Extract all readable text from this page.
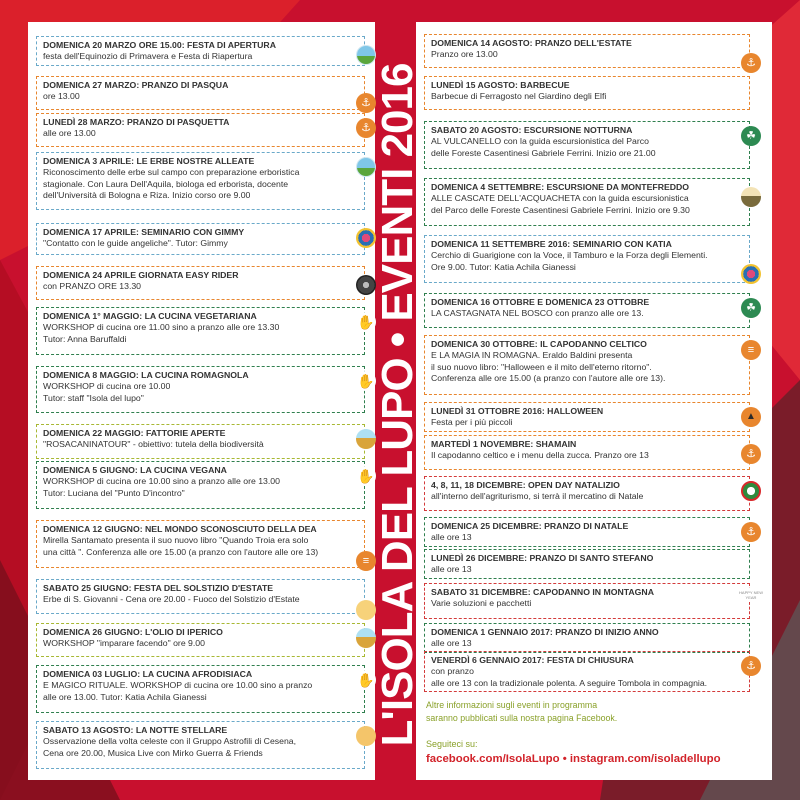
L'ISOLA DEL LUPO • EVENTI 2016
DOMENICA 20 MARZO ORE 15.00: FESTA DI APERTURA
festa dell'Equinozio di Primavera e Festa di Riapertura
DOMENICA 27 MARZO: PRANZO DI PASQUA
ore 13.00
⚓
LUNEDÌ 28 MARZO: PRANZO DI PASQUETTA
alle ore 13.00	⚓
DOMENICA 3 APRILE: LE ERBE NOSTRE ALLEATE
Riconoscimento delle erbe sul campo con preparazione erboristica
stagionale. Con Laura Dell'Aquila, biologa ed erborista, docente
dell'Università di Bologna e Riza. Inizio corso ore 9.00
DOMENICA 17 APRILE: SEMINARIO CON GIMMY
"Contatto con le guide angeliche". Tutor: Gimmy
DOMENICA 24 APRILE GIORNATA EASY RIDER
con PRANZO ORE 13.30
DOMENICA 1° MAGGIO: LA CUCINA VEGETARIANA
WORKSHOP di cucina ore 11.00 sino a pranzo alle ore 13.30
Tutor: Anna Baruffaldi
✋
DOMENICA 8 MAGGIO: LA CUCINA ROMAGNOLA
WORKSHOP di cucina ore 10.00
Tutor: staff "Isola del lupo"
✋
DOMENICA 22 MAGGIO: FATTORIE APERTE
"ROSACANINATOUR" - obiettivo: tutela della biodiversità
DOMENICA 5 GIUGNO: LA CUCINA VEGANA
WORKSHOP di cucina ore 10.00 sino a pranzo alle ore 13.00
Tutor: Luciana del "Punto D'incontro"
✋
DOMENICA 12 GIUGNO: NEL MONDO SCONOSCIUTO DELLA DEA
Mirella Santamato presenta il suo nuovo libro "Quando Troia era solo
una città ". Conferenza alle ore 15.00 (a pranzo con l'autore alle ore 13)
≡
SABATO 25 GIUGNO: FESTA DEL SOLSTIZIO D'ESTATE
Erbe di S. Giovanni - Cena ore 20.00 - Fuoco del Solstizio d'Estate
DOMENICA 26 GIUGNO: L'OLIO DI IPERICO
WORKSHOP "imparare facendo" ore 9.00
DOMENICA 03 LUGLIO: LA CUCINA AFRODISIACA
E MAGICO RITUALE. WORKSHOP di cucina ore 10.00 sino a pranzo
alle ore 13.00. Tutor: Katia Achila Gianessi
✋
SABATO 13 AGOSTO: LA NOTTE STELLARE
Osservazione della volta celeste con il Gruppo Astrofili di Cesena,
Cena ore 20.00, Musica Live con Mirko Guerra & Friends
DOMENICA 14 AGOSTO: PRANZO DELL'ESTATE
Pranzo ore 13.00
⚓
LUNEDÌ 15 AGOSTO: BARBECUE
Barbecue di Ferragosto nel Giardino degli Elfi
SABATO 20 AGOSTO: ESCURSIONE NOTTURNA
AL VULCANELLO con la guida escursionistica del Parco
delle Foreste Casentinesi Gabriele Ferrini. Inizio ore 21.00
☘
DOMENICA 4 SETTEMBRE: ESCURSIONE DA MONTEFREDDO
ALLE CASCATE DELL'ACQUACHETA con la guida escursionistica
del Parco delle Foreste Casentinesi Gabriele Ferrini. Inizio ore 9.30
DOMENICA 11 SETTEMBRE 2016: SEMINARIO CON KATIA
Cerchio di Guarigione con la Voce, il Tamburo e la Forza degli Elementi.
Ore 9.00. Tutor: Katia Achila Gianessi
DOMENICA 16 OTTOBRE E DOMENICA 23 OTTOBRE
LA CASTAGNATA NEL BOSCO con pranzo alle ore 13.	☘
DOMENICA 30 OTTOBRE: IL CAPODANNO CELTICO
E LA MAGIA IN ROMAGNA. Eraldo Baldini presenta
il suo nuovo libro: "Halloween e il mito dell'eterno ritorno".
Conferenza alle ore 15.00 (a pranzo con l'autore alle ore 13).
≡
LUNEDÌ 31 OTTOBRE 2016: HALLOWEEN
Festa per i più piccoli
▲
MARTEDÌ 1 NOVEMBRE: SHAMAIN
Il capodanno celtico e i menu della zucca. Pranzo ore 13	⚓
4, 8, 11, 18 DICEMBRE: OPEN DAY NATALIZIO
all'interno dell'agriturismo, si terrà il mercatino di Natale
DOMENICA 25 DICEMBRE: PRANZO DI NATALE
alle ore 13	⚓
LUNEDÌ 26 DICEMBRE: PRANZO DI SANTO STEFANO
alle ore 13
SABATO 31 DICEMBRE: CAPODANNO IN MONTAGNA
Varie soluzioni e pacchetti
HAPPY NEW YEAR
DOMENICA 1 GENNAIO 2017: PRANZO DI INIZIO ANNO
alle ore 13
VENERDÌ 6 GENNAIO 2017: FESTA DI CHIUSURA
con pranzo
alle ore 13 con la tradizionale polenta. A seguire Tombola in compagnia.
⚓
Altre informazioni sugli eventi in programma
saranno pubblicati sulla nostra pagina Facebook.
Seguiteci su:
facebook.com/IsolaLupo • instagram.com/isoladellupo
